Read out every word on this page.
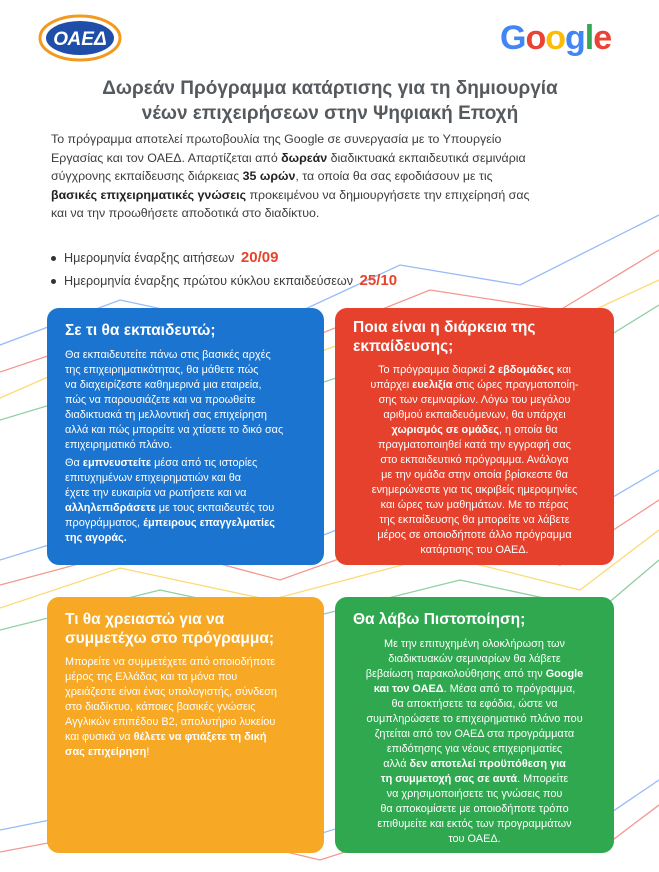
ΟΑΕΔ	Google
Δωρεάν Πρόγραμμα κατάρτισης για τη δημιουργία
νέων επιχειρήσεων στην Ψηφιακή Εποχή
Το πρόγραμμα αποτελεί πρωτοβουλία της Google σε συνεργασία με το Υπουργείο
Εργασίας και τον ΟΑΕΔ. Απαρτίζεται από δωρεάν διαδικτυακά εκπαιδευτικά σεμινάρια
σύγχρονης εκπαίδευσης διάρκειας 35 ωρών, τα οποία θα σας εφοδιάσουν με τις
βασικές επιχειρηματικές γνώσεις προκειμένου να δημιουργήσετε την επιχείρησή σας
και να την προωθήσετε αποδοτικά στο διαδίκτυο.
Ημερομηνία έναρξης αιτήσεων 20/09
Ημερομηνία έναρξης πρώτου κύκλου εκπαιδεύσεων 25/10
Σε τι θα εκπαιδευτώ;

Θα εκπαιδευτείτε πάνω στις βασικές αρχές
της επιχειρηματικότητας, θα μάθετε πώς
να διαχειρίζεστε καθημερινά μια εταιρεία,
πώς να παρουσιάζετε και να προωθείτε
διαδικτυακά τη μελλοντική σας επιχείρηση
αλλά και πώς μπορείτε να χτίσετε το δικό σας
επιχειρηματικό πλάνο.

Θα εμπνευστείτε μέσα από τις ιστορίες
επιτυχημένων επιχειρηματιών και θα
έχετε την ευκαιρία να ρωτήσετε και να
αλληλεπιδράσετε με τους εκπαιδευτές του
προγράμματος, έμπειρους επαγγελματίες
της αγοράς.

Ποια είναι η διάρκεια της
εκπαίδευσης;
Το πρόγραμμα διαρκεί 2 εβδομάδες και
υπάρχει ευελιξία στις ώρες πραγματοποίη-
σης των σεμιναρίων. Λόγω του μεγάλου
αριθμού εκπαιδευόμενων, θα υπάρχει
χωρισμός σε ομάδες, η οποία θα
πραγματοποιηθεί κατά την εγγραφή σας
στο εκπαιδευτικό πρόγραμμα. Ανάλογα
με την ομάδα στην οποία βρίσκεστε θα
ενημερώνεστε για τις ακριβείς ημερομηνίες
και ώρες των μαθημάτων. Με το πέρας
της εκπαίδευσης θα μπορείτε να λάβετε
μέρος σε οποιοδήποτε άλλο πρόγραμμα
κατάρτισης του ΟΑΕΔ.
Τι θα χρειαστώ για να
συμμετέχω στο πρόγραμμα;
Μπορείτε να συμμετέχετε από οποιοδήποτε
μέρος της Ελλάδας και τα μόνα που
χρειάζεστε είναι ένας υπολογιστής, σύνδεση
στο διαδίκτυο, κάποιες βασικές γνώσεις
Αγγλικών επιπέδου Β2, απολυτήριο λυκείου
και φυσικά να θέλετε να φτιάξετε τη δική
σας επιχείρηση!
Θα λάβω Πιστοποίηση;
Με την επιτυχημένη ολοκλήρωση των
διαδικτυακών σεμιναρίων θα λάβετε
βεβαίωση παρακολούθησης από την Google
και τον ΟΑΕΔ. Μέσα από το πρόγραμμα,
θα αποκτήσετε τα εφόδια, ώστε να
συμπληρώσετε το επιχειρηματικό πλάνο που
ζητείται από τον ΟΑΕΔ στα προγράμματα
επιδότησης για νέους επιχειρηματίες
αλλά δεν αποτελεί προϋπόθεση για
τη συμμετοχή σας σε αυτά. Μπορείτε
να χρησιμοποιήσετε τις γνώσεις που
θα αποκομίσετε με οποιοδήποτε τρόπο
επιθυμείτε και εκτός των προγραμμάτων
του ΟΑΕΔ.
